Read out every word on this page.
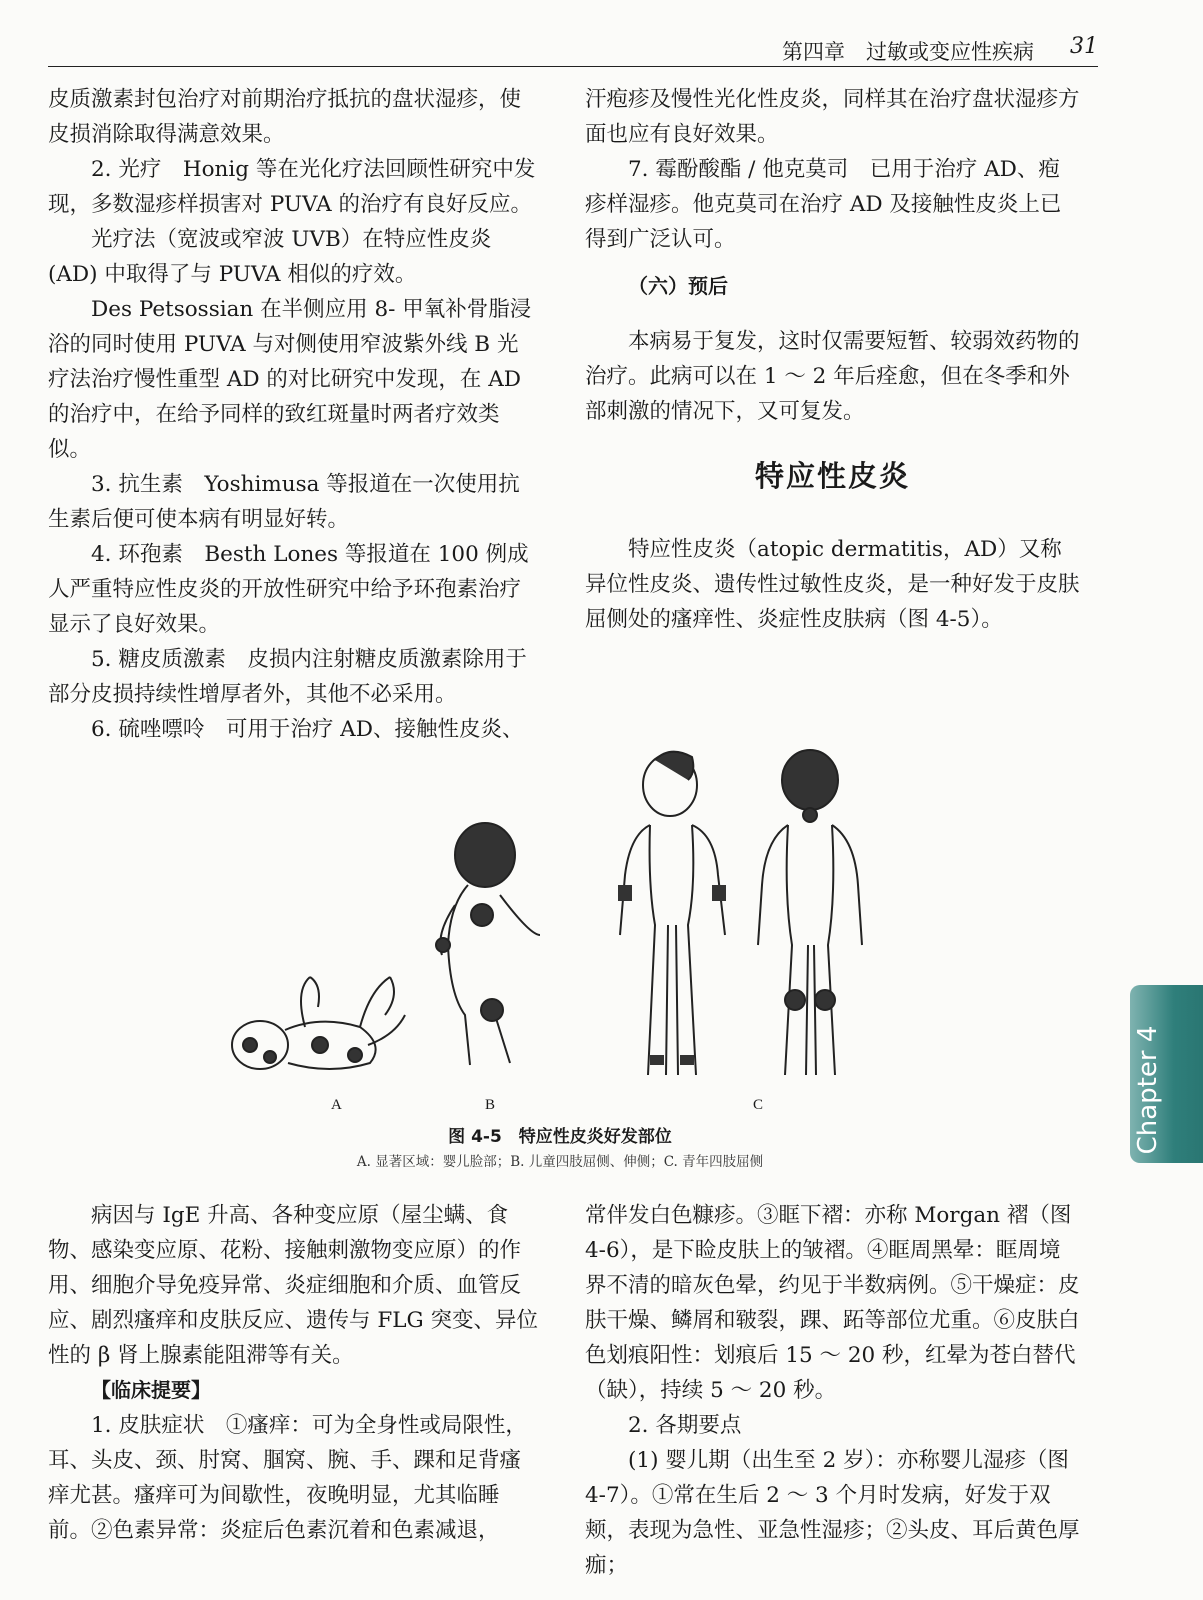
第四章　过敏或变应性疾病 31

皮质激素封包治疗对前期治疗抵抗的盘状湿疹，使皮损消除取得满意效果。

2. 光疗　Honig 等在光化疗法回顾性研究中发现，多数湿疹样损害对 PUVA 的治疗有良好反应。

光疗法（宽波或窄波 UVB）在特应性皮炎(AD) 中取得了与 PUVA 相似的疗效。

Des Petsossian 在半侧应用 8- 甲氧补骨脂浸浴的同时使用 PUVA 与对侧使用窄波紫外线 B 光疗法治疗慢性重型 AD 的对比研究中发现，在 AD 的治疗中，在给予同样的致红斑量时两者疗效类似。

3. 抗生素　Yoshimusa 等报道在一次使用抗生素后便可使本病有明显好转。

4. 环孢素　Besth Lones 等报道在 100 例成人严重特应性皮炎的开放性研究中给予环孢素治疗显示了良好效果。

5. 糖皮质激素　皮损内注射糖皮质激素除用于部分皮损持续性增厚者外，其他不必采用。

6. 硫唑嘌呤　可用于治疗 AD、接触性皮炎、

汗疱疹及慢性光化性皮炎，同样其在治疗盘状湿疹方面也应有良好效果。

7. 霉酚酸酯 / 他克莫司　已用于治疗 AD、疱疹样湿疹。他克莫司在治疗 AD 及接触性皮炎上已得到广泛认可。

（六）预后

本病易于复发，这时仅需要短暂、较弱效药物的治疗。此病可以在 1 ～ 2 年后痊愈，但在冬季和外部刺激的情况下，又可复发。

特应性皮炎

特应性皮炎（atopic dermatitis，AD）又称异位性皮炎、遗传性过敏性皮炎，是一种好发于皮肤屈侧处的瘙痒性、炎症性皮肤病（图 4-5）。

A	B	C
图 4-5　特应性皮炎好发部位
A. 显著区域：婴儿脸部；B. 儿童四肢屈侧、伸侧；C. 青年四肢屈侧

病因与 IgE 升高、各种变应原（屋尘螨、食物、感染变应原、花粉、接触刺激物变应原）的作用、细胞介导免疫异常、炎症细胞和介质、血管反应、剧烈瘙痒和皮肤反应、遗传与 FLG 突变、异位性的 β 肾上腺素能阻滞等有关。

【临床提要】

1. 皮肤症状　①瘙痒：可为全身性或局限性，耳、头皮、颈、肘窝、腘窝、腕、手、踝和足背瘙痒尤甚。瘙痒可为间歇性，夜晚明显，尤其临睡前。②色素异常：炎症后色素沉着和色素减退，

常伴发白色糠疹。③眶下褶：亦称 Morgan 褶（图 4-6），是下睑皮肤上的皱褶。④眶周黑晕：眶周境界不清的暗灰色晕，约见于半数病例。⑤干燥症：皮肤干燥、鳞屑和皲裂，踝、跖等部位尤重。⑥皮肤白色划痕阳性：划痕后 15 ～ 20 秒，红晕为苍白替代（缺），持续 5 ～ 20 秒。

2. 各期要点

(1) 婴儿期（出生至 2 岁）：亦称婴儿湿疹（图 4-7）。①常在生后 2 ～ 3 个月时发病，好发于双颊，表现为急性、亚急性湿疹；②头皮、耳后黄色厚痂；

Chapter 4
